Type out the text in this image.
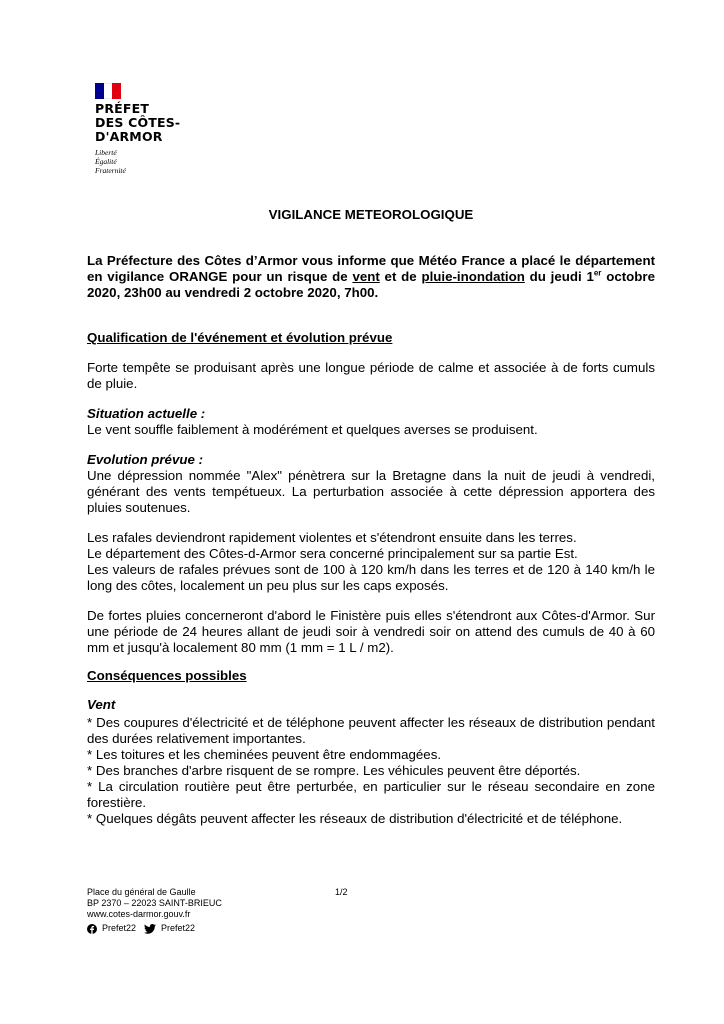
PRÉFET
DES CÔTES-
D'ARMOR
Liberté
Égalité
Fraternité
VIGILANCE METEOROLOGIQUE
La Préfecture des Côtes d’Armor vous informe que Météo France a placé le département en vigilance ORANGE pour un risque de vent et de pluie-inondation du jeudi 1er octobre 2020, 23h00 au vendredi 2 octobre 2020, 7h00.
Qualification de l'événement et évolution prévue
Forte tempête se produisant après une longue période de calme et associée à de forts cumuls de pluie.
Situation actuelle :
Le vent souffle faiblement à modérément et quelques averses se produisent.
Evolution prévue :
Une dépression nommée "Alex" pénètrera sur la Bretagne dans la nuit de jeudi à vendredi, générant des vents tempétueux. La perturbation associée à cette dépression apportera des pluies soutenues.
Les rafales deviendront rapidement violentes et s'étendront ensuite dans les terres.
Le département des Côtes-d-Armor sera concerné principalement sur sa partie Est.
Les valeurs de rafales prévues sont de 100 à 120 km/h dans les terres et de 120 à 140 km/h le long des côtes, localement un peu plus sur les caps exposés.
De fortes pluies concerneront d'abord le Finistère puis elles s'étendront aux Côtes-d'Armor. Sur une période de 24 heures allant de jeudi soir à vendredi soir on attend des cumuls de 40 à 60 mm et jusqu'à localement 80 mm (1 mm = 1 L / m2).
Conséquences possibles
Vent
* Des coupures d'électricité et de téléphone peuvent affecter les réseaux de distribution pendant des durées relativement importantes.
* Les toitures et les cheminées peuvent être endommagées.
* Des branches d'arbre risquent de se rompre. Les véhicules peuvent être déportés.
* La circulation routière peut être perturbée, en particulier sur le réseau secondaire en zone forestière.
* Quelques dégâts peuvent affecter les réseaux de distribution d'électricité et de téléphone.
Place du général de Gaulle
BP 2370 – 22023 SAINT-BRIEUC
www.cotes-darmor.gouv.fr
1/2
Prefet22	Prefet22
